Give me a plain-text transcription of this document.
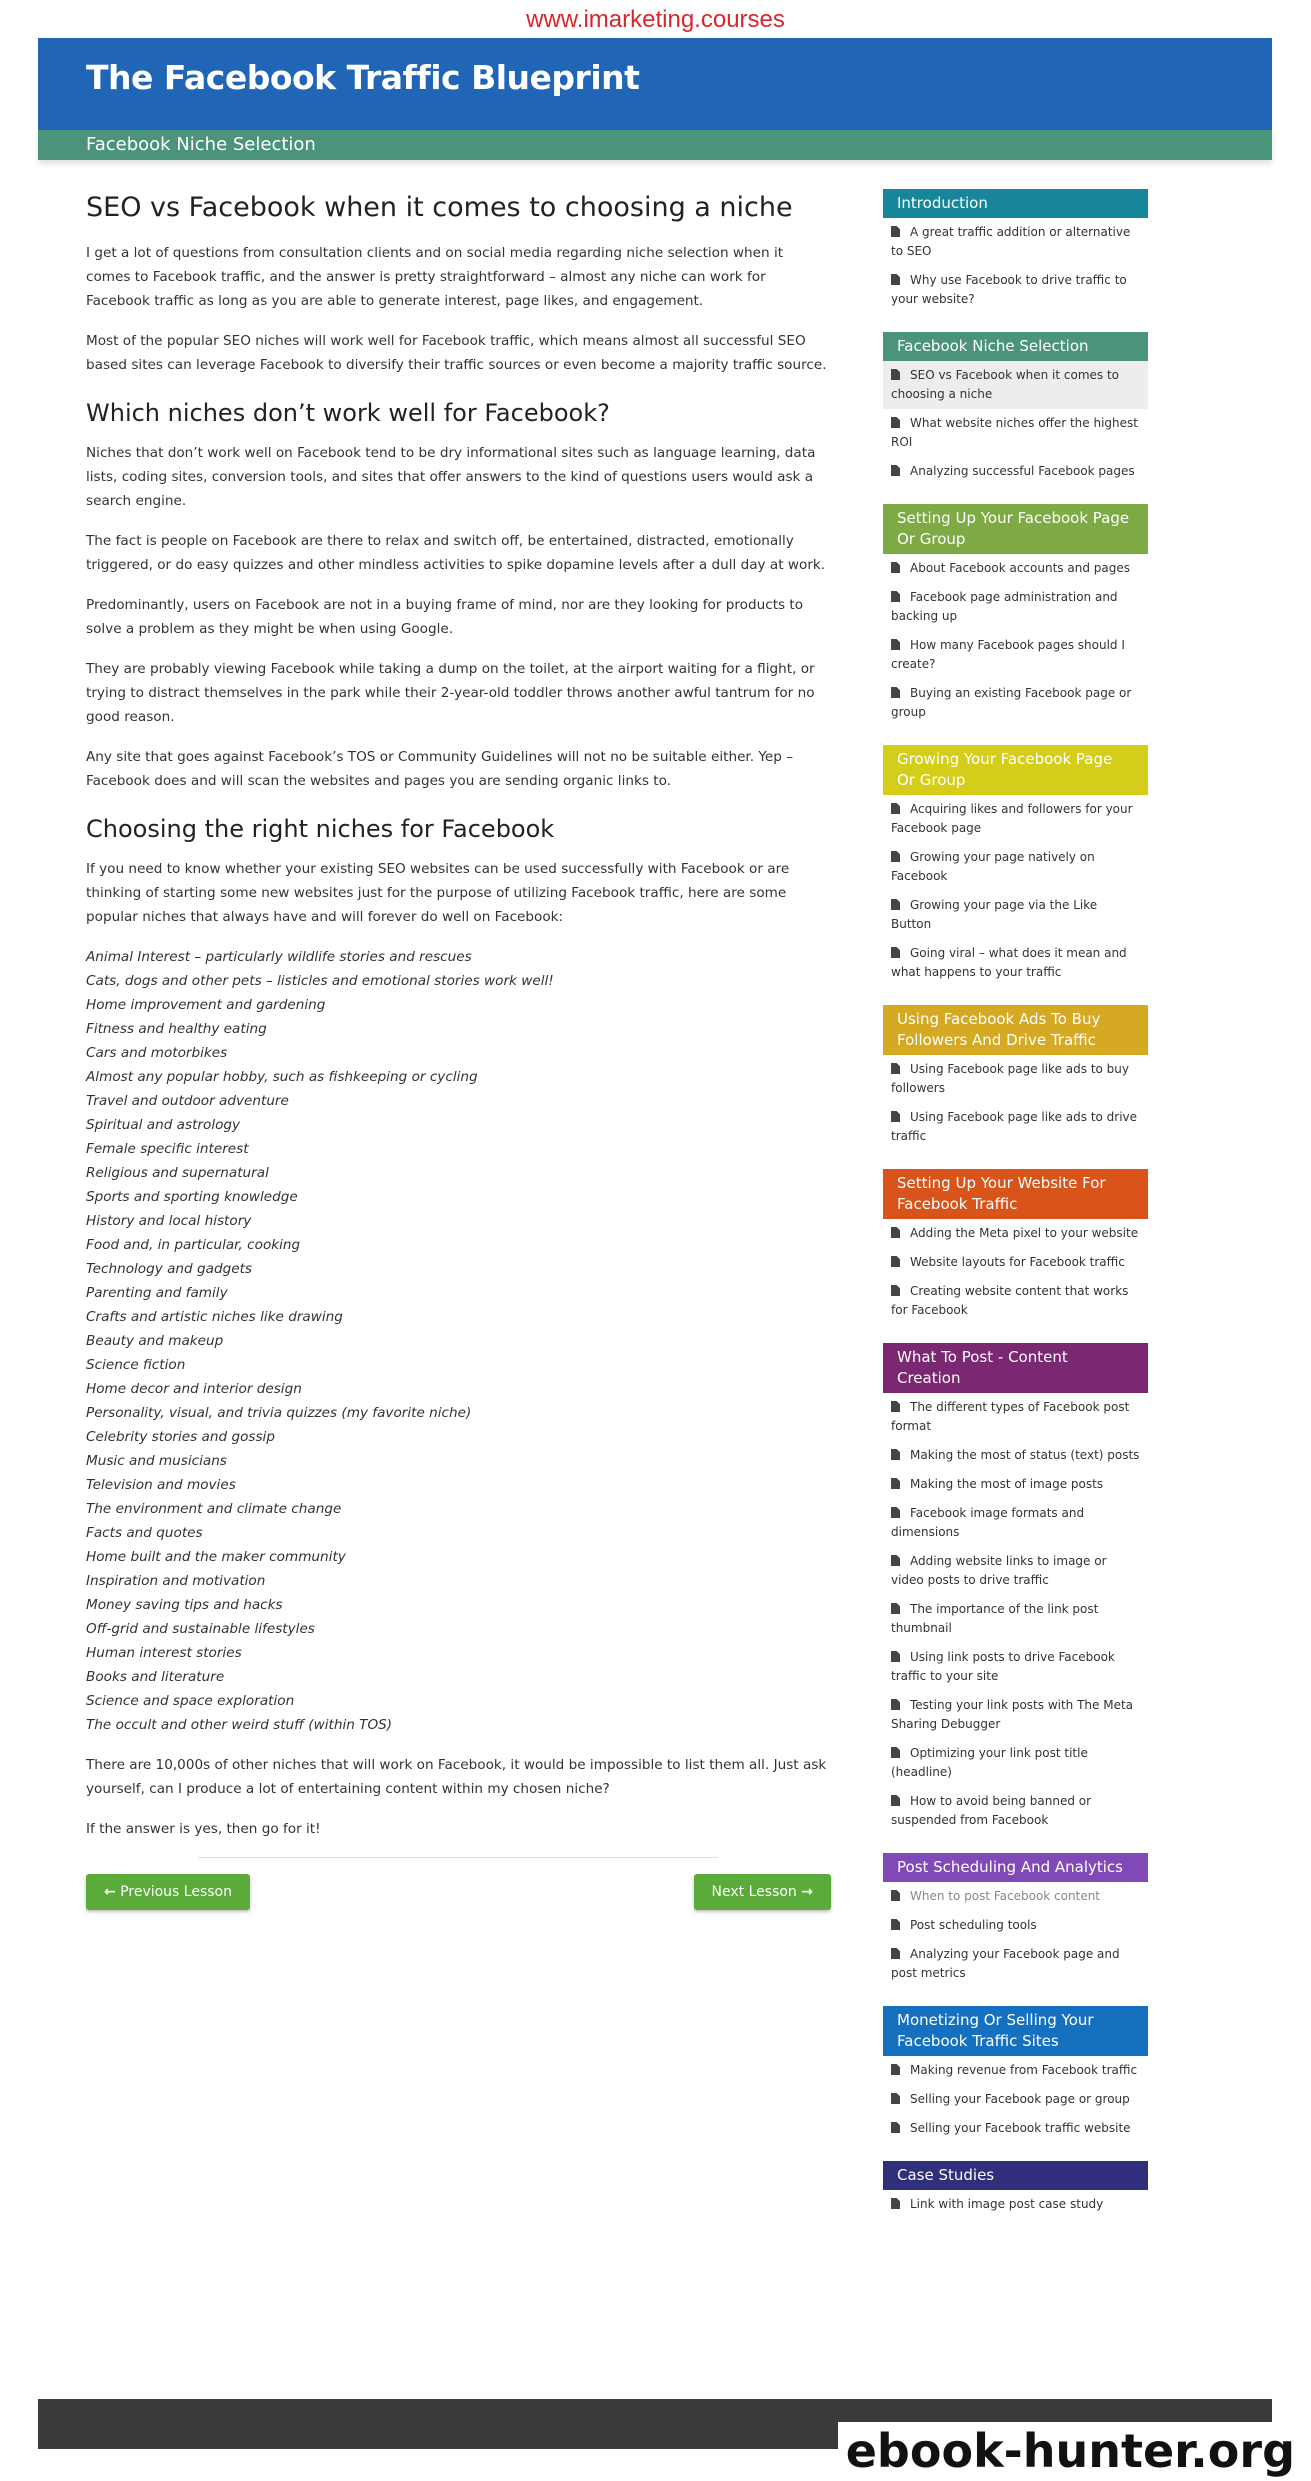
www.imarketing.courses
The Facebook Traffic Blueprint
Facebook Niche Selection
SEO vs Facebook when it comes to choosing a niche

I get a lot of questions from consultation clients and on social media regarding niche selection when it comes to Facebook traffic, and the answer is pretty straightforward – almost any niche can work for Facebook traffic as long as you are able to generate interest, page likes, and engagement.

Most of the popular SEO niches will work well for Facebook traffic, which means almost all successful SEO based sites can leverage Facebook to diversify their traffic sources or even become a majority traffic source.

Which niches don’t work well for Facebook?

Niches that don’t work well on Facebook tend to be dry informational sites such as language learning, data lists, coding sites, conversion tools, and sites that offer answers to the kind of questions users would ask a search engine.

The fact is people on Facebook are there to relax and switch off, be entertained, distracted, emotionally triggered, or do easy quizzes and other mindless activities to spike dopamine levels after a dull day at work.

Predominantly, users on Facebook are not in a buying frame of mind, nor are they looking for products to solve a problem as they might be when using Google.

They are probably viewing Facebook while taking a dump on the toilet, at the airport waiting for a flight, or trying to distract themselves in the park while their 2-year-old toddler throws another awful tantrum for no good reason.

Any site that goes against Facebook’s TOS or Community Guidelines will not no be suitable either. Yep – Facebook does and will scan the websites and pages you are sending organic links to.

Choosing the right niches for Facebook

If you need to know whether your existing SEO websites can be used successfully with Facebook or are thinking of starting some new websites just for the purpose of utilizing Facebook traffic, here are some popular niches that always have and will forever do well on Facebook:

Animal Interest – particularly wildlife stories and rescues
Cats, dogs and other pets – listicles and emotional stories work well!
Home improvement and gardening
Fitness and healthy eating
Cars and motorbikes
Almost any popular hobby, such as fishkeeping or cycling
Travel and outdoor adventure
Spiritual and astrology
Female specific interest
Religious and supernatural
Sports and sporting knowledge
History and local history
Food and, in particular, cooking
Technology and gadgets
Parenting and family
Crafts and artistic niches like drawing
Beauty and makeup
Science fiction
Home decor and interior design
Personality, visual, and trivia quizzes (my favorite niche)
Celebrity stories and gossip
Music and musicians
Television and movies
The environment and climate change
Facts and quotes
Home built and the maker community
Inspiration and motivation
Money saving tips and hacks
Off-grid and sustainable lifestyles
Human interest stories
Books and literature
Science and space exploration
The occult and other weird stuff (within TOS)

There are 10,000s of other niches that will work on Facebook, it would be impossible to list them all. Just ask yourself, can I produce a lot of entertaining content within my chosen niche?

If the answer is yes, then go for it!

← Previous Lesson	Next Lesson →
Introduction
A great traffic addition or alternative to SEO
Why use Facebook to drive traffic to your website?
Facebook Niche Selection
SEO vs Facebook when it comes to choosing a niche
What website niches offer the highest ROI
Analyzing successful Facebook pages
Setting Up Your Facebook Page Or Group
About Facebook accounts and pages
Facebook page administration and backing up
How many Facebook pages should I create?
Buying an existing Facebook page or group
Growing Your Facebook Page Or Group
Acquiring likes and followers for your Facebook page
Growing your page natively on Facebook
Growing your page via the Like Button
Going viral – what does it mean and what happens to your traffic
Using Facebook Ads To Buy Followers And Drive Traffic
Using Facebook page like ads to buy followers
Using Facebook page like ads to drive traffic
Setting Up Your Website For Facebook Traffic
Adding the Meta pixel to your website
Website layouts for Facebook traffic
Creating website content that works for Facebook
What To Post - Content Creation
The different types of Facebook post format
Making the most of status (text) posts
Making the most of image posts
Facebook image formats and dimensions
Adding website links to image or video posts to drive traffic
The importance of the link post thumbnail
Using link posts to drive Facebook traffic to your site
Testing your link posts with The Meta Sharing Debugger
Optimizing your link post title (headline)
How to avoid being banned or suspended from Facebook
Post Scheduling And Analytics
When to post Facebook content
Post scheduling tools
Analyzing your Facebook page and post metrics
Monetizing Or Selling Your Facebook Traffic Sites
Making revenue from Facebook traffic
Selling your Facebook page or group
Selling your Facebook traffic website
Case Studies
Link with image post case study
ebook-hunter.org
